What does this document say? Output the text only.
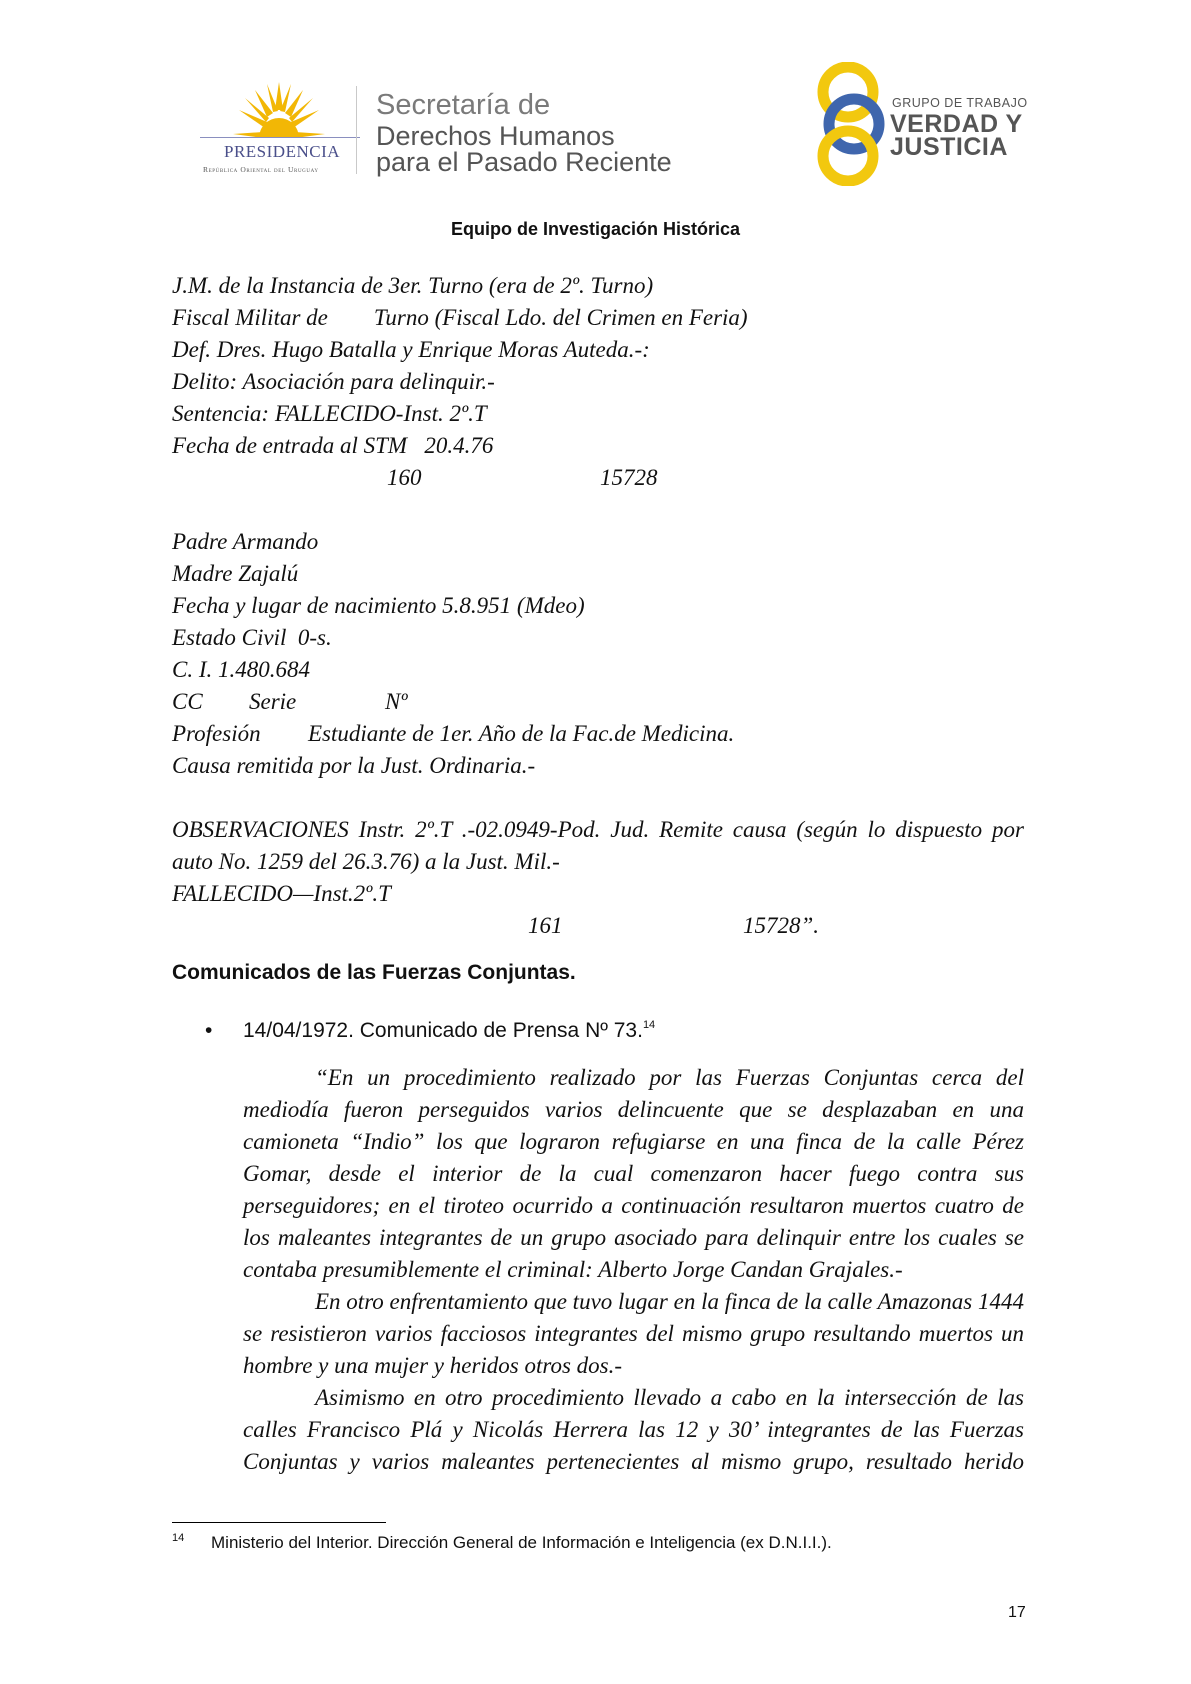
PRESIDENCIA
República Oriental del Uruguay
Secretaría de
Derechos Humanos
para el Pasado Reciente
GRUPO DE TRABAJO
VERDAD Y
JUSTICIA
Equipo de Investigación Histórica
J.M. de la Instancia de 3er. Turno (era de 2º. Turno)
Fiscal Militar de        Turno (Fiscal Ldo. del Crimen en Feria)
Def. Dres. Hugo Batalla y Enrique Moras Auteda.-:
Delito: Asociación para delinquir.-
Sentencia: FALLECIDO-Inst. 2º.T
Fecha de entrada al STM   20.4.76
160	15728
Padre Armando
Madre Zajalú
Fecha y lugar de nacimiento 5.8.951 (Mdeo)
Estado Civil  0-s.
C. I. 1.480.684
CC Serie	Nº
Profesión Estudiante de 1er. Año de la Fac.de Medicina.
Causa remitida por la Just. Ordinaria.-
OBSERVACIONES Instr. 2º.T .-02.0949-Pod. Jud. Remite causa (según lo dispuesto por auto No. 1259 del 26.3.76) a la Just. Mil.-
FALLECIDO—Inst.2º.T
161	15728”.
Comunicados de las Fuerzas Conjuntas.
• 14/04/1972. Comunicado de Prensa Nº 73.14

“En un procedimiento realizado por las Fuerzas Conjuntas cerca del mediodía fueron perseguidos varios delincuente que se desplazaban en una camioneta “Indio” los que lograron refugiarse en una finca de la calle Pérez Gomar, desde el interior de la cual comenzaron hacer fuego contra sus perseguidores; en el tiroteo ocurrido a continuación resultaron muertos cuatro de los maleantes integrantes de un grupo asociado para delinquir entre los cuales se contaba presumiblemente el criminal: Alberto Jorge Candan Grajales.-

En otro enfrentamiento que tuvo lugar en la finca de la calle Amazonas 1444 se resistieron varios facciosos integrantes del mismo grupo resultando muertos un hombre y una mujer y heridos otros dos.-

Asimismo en otro procedimiento llevado a cabo en la intersección de las calles Francisco Plá y Nicolás Herrera las 12 y 30’ integrantes de las Fuerzas Conjuntas y varios maleantes pertenecientes al mismo grupo, resultado herido

14 Ministerio del Interior. Dirección General de Información e Inteligencia (ex D.N.I.I.).
17
